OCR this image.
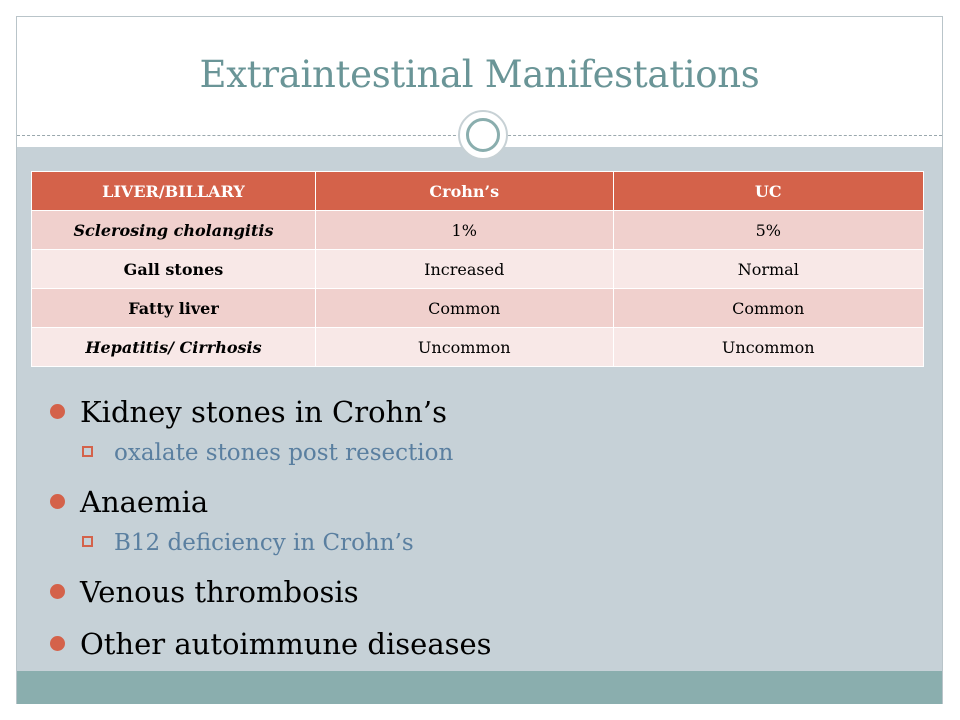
Extraintestinal Manifestations
LIVER/BILLARY	Crohn’s	UC
Sclerosing cholangitis	1%	5%
Gall stones	Increased	Normal
Fatty liver	Common	Common
Hepatitis/ Cirrhosis	Uncommon	Uncommon
Kidney stones in Crohn’s
oxalate stones post resection
Anaemia
B12 deficiency in Crohn’s
Venous thrombosis
Other autoimmune diseases
